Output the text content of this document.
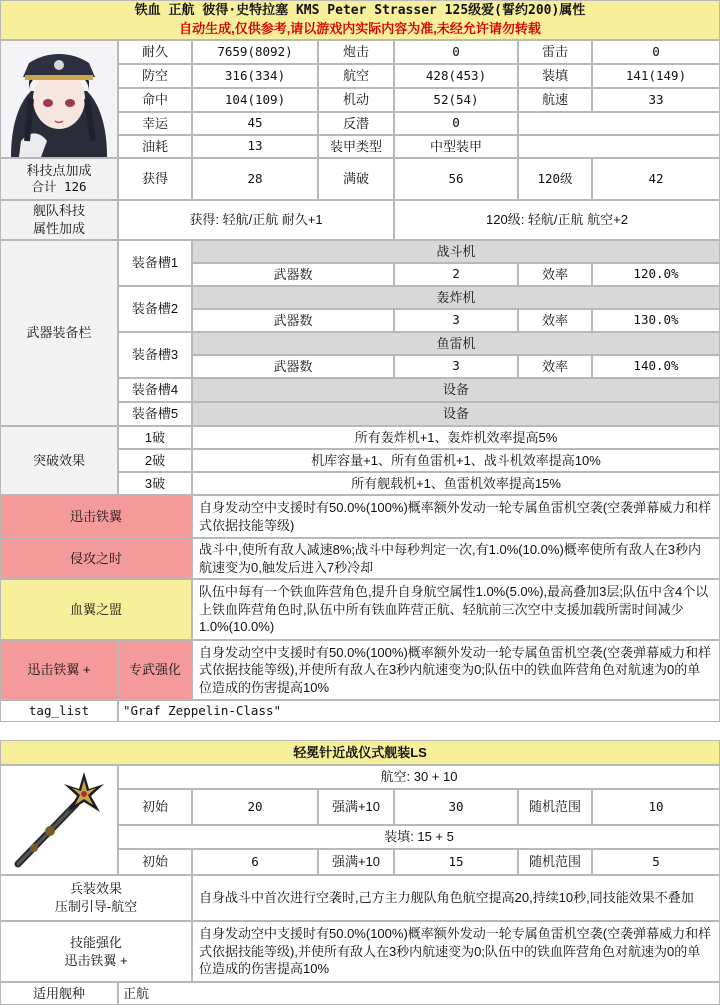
铁血 正航 彼得·史特拉塞 KMS Peter Strasser 125级爱(誓约200)属性
自动生成,仅供参考,请以游戏内实际内容为准,未经允许请勿转载
耐久	7659(8092)	炮击	0	雷击	0
防空	316(334)	航空	428(453)	装填	141(149)
命中	104(109)	机动	52(54)	航速	33
幸运	45	反潜	0
油耗	13	装甲类型	中型装甲
科技点加成
合计 126
获得	28	满破	56	120级	42
舰队科技
属性加成
获得: 轻航/正航 耐久+1	120级: 轻航/正航 航空+2
武器装备栏
装备槽1
战斗机
武器数	2	效率	120.0%
装备槽2
轰炸机
武器数	3	效率	130.0%
装备槽3
鱼雷机
武器数	3	效率	140.0%
装备槽4	设备
装备槽5	设备
突破效果
1破	所有轰炸机+1、轰炸机效率提高5%
2破	机库容量+1、所有鱼雷机+1、战斗机效率提高10%
3破	所有舰载机+1、鱼雷机效率提高15%
迅击铁翼
自身发动空中支援时有50.0%(100%)概率额外发动一轮专属鱼雷机空袭(空袭弹幕威力和样式依据技能等级)
侵攻之时
战斗中,使所有敌人减速8%;战斗中每秒判定一次,有1.0%(10.0%)概率使所有敌人在3秒内航速变为0,触发后进入7秒冷却
血翼之盟
队伍中每有一个铁血阵营角色,提升自身航空属性1.0%(5.0%),最高叠加3层;队伍中含4个以上铁血阵营角色时,队伍中所有铁血阵营正航、轻航前三次空中支援加载所需时间减少1.0%(10.0%)
迅击铁翼 +	专武强化
自身发动空中支援时有50.0%(100%)概率额外发动一轮专属鱼雷机空袭(空袭弹幕威力和样式依据技能等级),并使所有敌人在3秒内航速变为0;队伍中的铁血阵营角色对航速为0的单位造成的伤害提高10%
tag_list	"Graf Zeppelin-Class"
轻冕针近战仪式舰装LS
航空: 30 + 10
初始	20	强满+10	30	随机范围	10
装填: 15 + 5
初始	6	强满+10	15	随机范围	5
兵装效果
压制引导-航空
自身战斗中首次进行空袭时,己方主力舰队角色航空提高20,持续10秒,同技能效果不叠加
技能强化
迅击铁翼 +
自身发动空中支援时有50.0%(100%)概率额外发动一轮专属鱼雷机空袭(空袭弹幕威力和样式依据技能等级),并使所有敌人在3秒内航速变为0;队伍中的铁血阵营角色对航速为0的单位造成的伤害提高10%
适用舰种	正航
